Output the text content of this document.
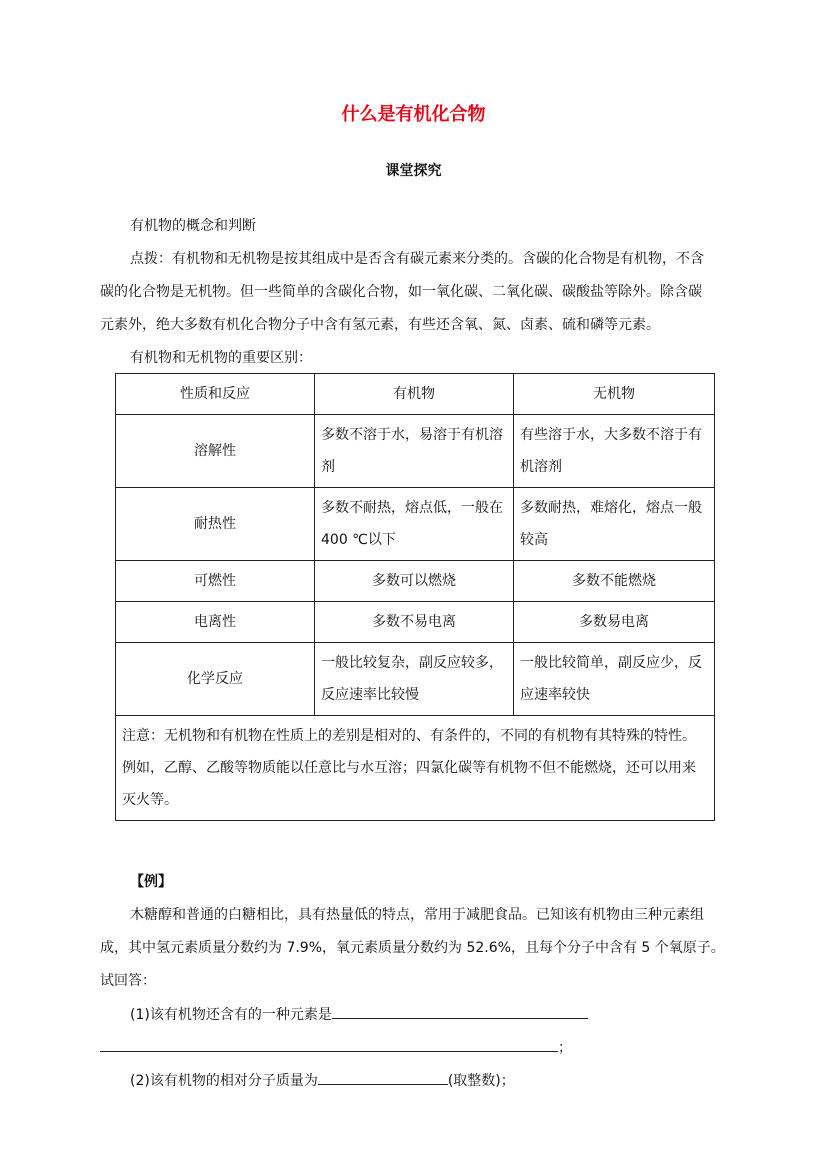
什么是有机化合物
课堂探究
有机物的概念和判断
点拨：有机物和无机物是按其组成中是否含有碳元素来分类的。含碳的化合物是有机物，不含
碳的化合物是无机物。但一些简单的含碳化合物，如一氧化碳、二氧化碳、碳酸盐等除外。除含碳
元素外，绝大多数有机化合物分子中含有氢元素，有些还含氧、氮、卤素、硫和磷等元素。
有机物和无机物的重要区别：
性质和反应	有机物	无机物
溶解性	多数不溶于水，易溶于有机溶剂	有些溶于水，大多数不溶于有机溶剂
耐热性	多数不耐热，熔点低，一般在400 ℃以下	多数耐热，难熔化，熔点一般较高
可燃性	多数可以燃烧	多数不能燃烧
电离性	多数不易电离	多数易电离
化学反应	一般比较复杂，副反应较多，反应速率比较慢	一般比较简单，副反应少，反应速率较快
注意：无机物和有机物在性质上的差别是相对的、有条件的，不同的有机物有其特殊的特性。例如，乙醇、乙酸等物质能以任意比与水互溶；四氯化碳等有机物不但不能燃烧，还可以用来灭火等。		
【例】
木糖醇和普通的白糖相比，具有热量低的特点，常用于减肥食品。已知该有机物由三种元素组
成，其中氢元素质量分数约为 7.9%，氧元素质量分数约为 52.6%，且每个分子中含有 5 个氧原子。
试回答：
(1)该有机物还含有的一种元素是
；
(2)该有机物的相对分子质量为	(取整数)；
